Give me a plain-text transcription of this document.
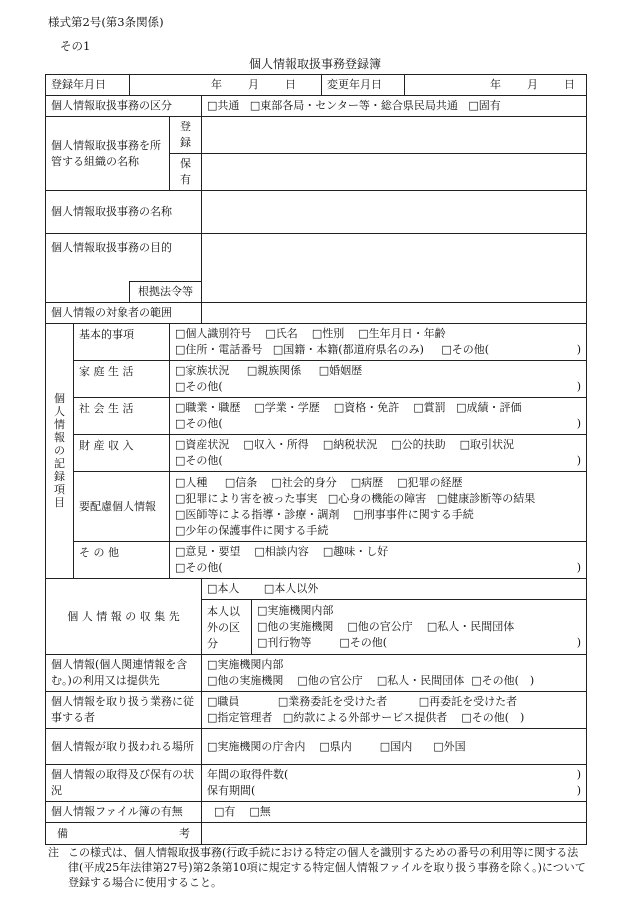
様式第2号(第3条関係)
その1
個人情報取扱事務登録簿
登録年月日		年 月 日				変更年月日	年 月 日

個人情報取扱事務の区分				□共通 □東部各局・センター等・総合県民局共通 □固有			
個人情報取扱事務を所管する組織の名称			登録				
			保有				
個人情報取扱事務の名称							
個人情報取扱事務の目的							
		根拠法令等					
個人情報の対象者の範囲							
個人情報の記録項目	基本的事項		□個人識別符号 □氏名 □性別 □生年月日・年齢
□住所・電話番号 □国籍・本籍(都道府県名のみ) □その他( )				

	家 庭 生 活		□家族状況 □親族関係 □婚姻歴
□その他( )				

	社 会 生 活		□職業・職歴 □学業・学歴 □資格・免許 □賞罰 □成績・評価
□その他( )				

	財 産 収 入		□資産状況 □収入・所得 □納税状況 □公的扶助 □取引状況
□その他( )				

	要配慮個人情報		□人種 □信条 □社会的身分 □病歴 □犯罪の経歴
□犯罪により害を被った事実 □心身の機能の障害 □健康診断等の結果
□医師等による指導・診療・調剤 □刑事事件に関する手続
□少年の保護事件に関する手続				

	そ の 他		□意見・要望 □相談内容 □趣味・し好
□その他( )				

個 人 情 報 の 収 集 先				□本人 □本人以外			
				本人以外の区分	□実施機関内部
□他の実施機関 □他の官公庁 □私人・民間団体
□刊行物等 □その他( )		

個人情報(個人関連情報を含む。)の利用又は提供先				□実施機関内部
□他の実施機関 □他の官公庁 □私人・民間団体 □その他(　)			

個人情報を取り扱う業務に従事する者				□職員 □業務委託を受けた者 □再委託を受けた者
□指定管理者 □約款による外部サービス提供者 □その他(　)			

個人情報が取り扱われる場所				□実施機関の庁舎内 □県内 □国内 □外国			
個人情報の取得及び保有の状況				年間の取得件数( )
保有期間( )			

個人情報ファイル簿の有無				□有 □無			

備 考							

注 この様式は、個人情報取扱事務(行政手続における特定の個人を識別するための番号の利用等に関する法律(平成25年法律第27号)第2条第10項に規定する特定個人情報ファイルを取り扱う事務を除く。)について登録する場合に使用すること。
